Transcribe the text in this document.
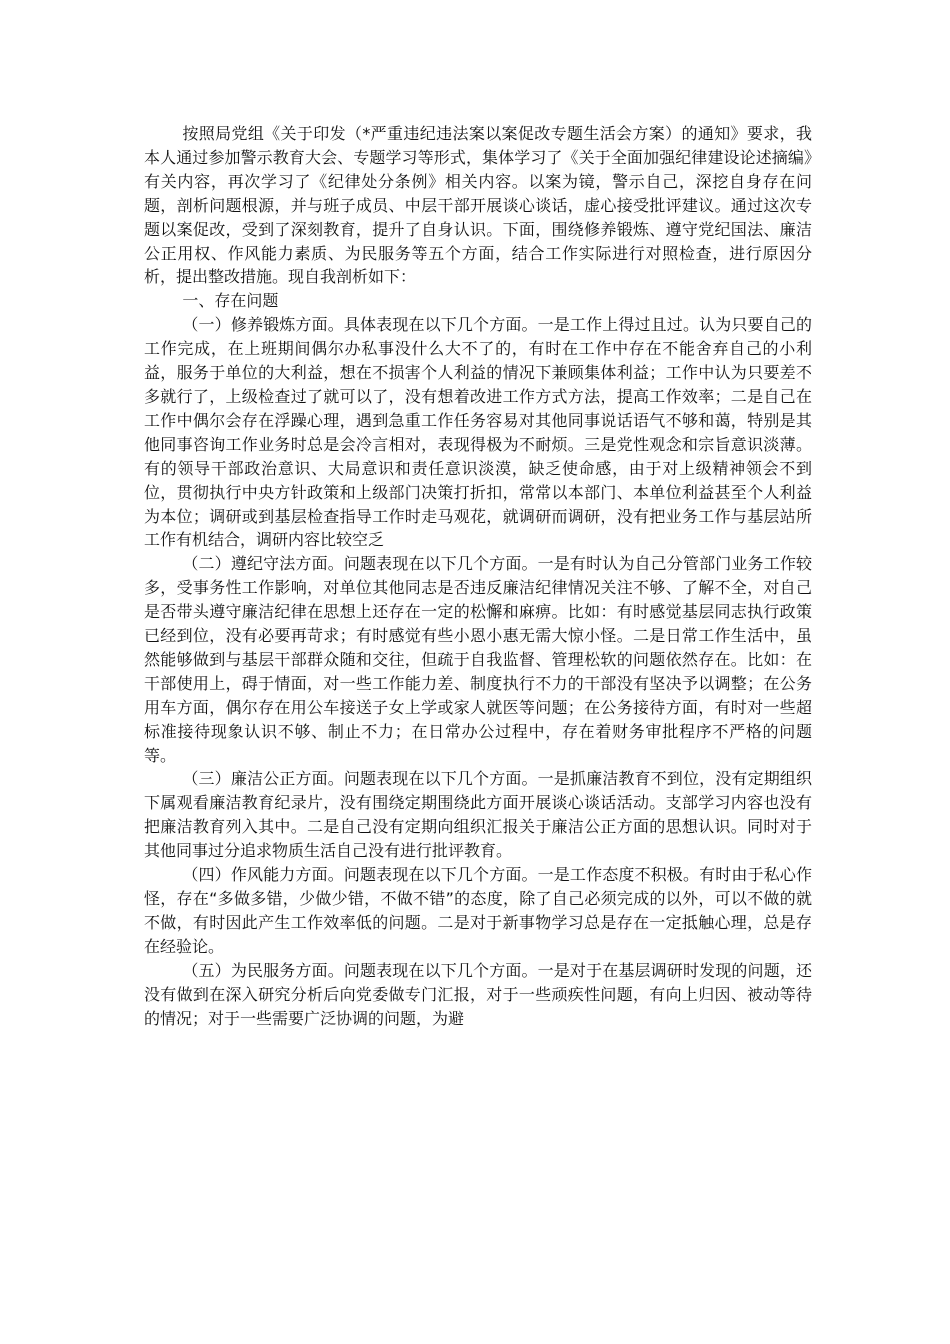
按照局党组《关于印发（*严重违纪违法案以案促改专题生活会方案）的通知》要求，我本人通过参加警示教育大会、专题学习等形式，集体学习了《关于全面加强纪律建设论述摘编》有关内容，再次学习了《纪律处分条例》相关内容。以案为镜，警示自己，深挖自身存在问题，剖析问题根源，并与班子成员、中层干部开展谈心谈话，虚心接受批评建议。通过这次专题以案促改，受到了深刻教育，提升了自身认识。下面，围绕修养锻炼、遵守党纪国法、廉洁公正用权、作风能力素质、为民服务等五个方面，结合工作实际进行对照检查，进行原因分析，提出整改措施。现自我剖析如下：

一、存在问题

（一）修养锻炼方面。具体表现在以下几个方面。一是工作上得过且过。认为只要自己的工作完成，在上班期间偶尔办私事没什么大不了的，有时在工作中存在不能舍弃自己的小利益，服务于单位的大利益，想在不损害个人利益的情况下兼顾集体利益；工作中认为只要差不多就行了，上级检查过了就可以了，没有想着改进工作方式方法，提高工作效率；二是自己在工作中偶尔会存在浮躁心理，遇到急重工作任务容易对其他同事说话语气不够和蔼，特别是其他同事咨询工作业务时总是会冷言相对，表现得极为不耐烦。三是党性观念和宗旨意识淡薄。有的领导干部政治意识、大局意识和责任意识淡漠，缺乏使命感，由于对上级精神领会不到位，贯彻执行中央方针政策和上级部门决策打折扣，常常以本部门、本单位利益甚至个人利益为本位；调研或到基层检查指导工作时走马观花，就调研而调研，没有把业务工作与基层站所工作有机结合，调研内容比较空乏

（二）遵纪守法方面。问题表现在以下几个方面。一是有时认为自己分管部门业务工作较多，受事务性工作影响，对单位其他同志是否违反廉洁纪律情况关注不够、了解不全，对自己是否带头遵守廉洁纪律在思想上还存在一定的松懈和麻痹。比如：有时感觉基层同志执行政策已经到位，没有必要再苛求；有时感觉有些小恩小惠无需大惊小怪。二是日常工作生活中，虽然能够做到与基层干部群众随和交往，但疏于自我监督、管理松软的问题依然存在。比如：在干部使用上，碍于情面，对一些工作能力差、制度执行不力的干部没有坚决予以调整；在公务用车方面，偶尔存在用公车接送子女上学或家人就医等问题；在公务接待方面，有时对一些超标准接待现象认识不够、制止不力；在日常办公过程中，存在着财务审批程序不严格的问题等。

（三）廉洁公正方面。问题表现在以下几个方面。一是抓廉洁教育不到位，没有定期组织下属观看廉洁教育纪录片，没有围绕定期围绕此方面开展谈心谈话活动。支部学习内容也没有把廉洁教育列入其中。二是自己没有定期向组织汇报关于廉洁公正方面的思想认识。同时对于其他同事过分追求物质生活自己没有进行批评教育。

（四）作风能力方面。问题表现在以下几个方面。一是工作态度不积极。有时由于私心作怪，存在“多做多错，少做少错，不做不错”的态度，除了自己必须完成的以外，可以不做的就不做，有时因此产生工作效率低的问题。二是对于新事物学习总是存在一定抵触心理，总是存在经验论。

（五）为民服务方面。问题表现在以下几个方面。一是对于在基层调研时发现的问题，还没有做到在深入研究分析后向党委做专门汇报，对于一些顽疾性问题，有向上归因、被动等待的情况；对于一些需要广泛协调的问题，为避
